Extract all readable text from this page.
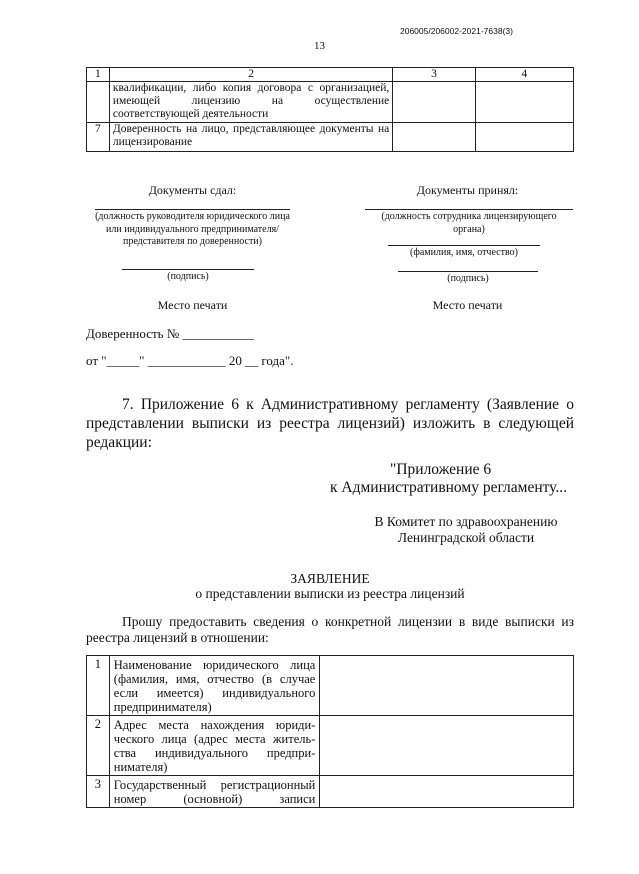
206005/206002-2021-7638(3)
13
1	2	3	4
	квалификации, либо копия договора с организацией, имеющей лицензию на осуществление соответствующей деятельности		
7	Доверенность на лицо, представляющее документы на лицензирование		
Документы сдал:
(должность руководителя юридического лица или индивидуального предпринимателя/представителя по доверенности)
(подпись)
Место печати
Документы принял:
(должность сотрудника лицензирующего органа)
(фамилия, имя, отчество)
(подпись)
Место печати
Доверенность № ___________
от "_____" ____________ 20 __ года".
7. Приложение 6 к Административному регламенту (Заявление о представлении выписки из реестра лицензий) изложить в следующей редакции:
"Приложение 6
к Административному регламенту...
В Комитет по здравоохранению
Ленинградской области
ЗАЯВЛЕНИЕ
о представлении выписки из реестра лицензий
Прошу предоставить сведения о конкретной лицензии в виде выписки из реестра лицензий в отношении:
1	Наименование юридического лица
(фамилия, имя, отчество (в случае
если имеется) индивидуального
предпринимателя)	

2	Адрес места нахождения юриди-
ческого лица (адрес места житель-
ства индивидуального предпри-
нимателя)	

3	Государственный регистрационный
номер (основной) записи	
